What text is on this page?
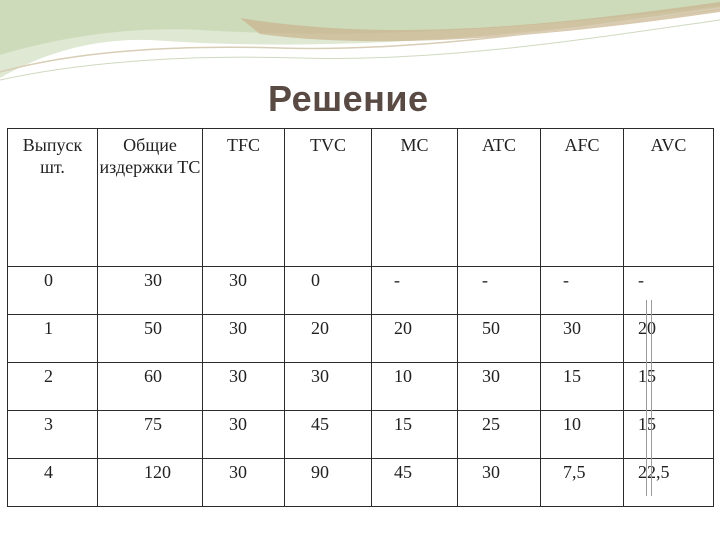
Решение
Выпуск шт.	Общие издержки ТС	TFC	TVC	MC	ATC	AFC	AVC
0	30	30	0	-	-	-	-
1	50	30	20	20	50	30	20
2	60	30	30	10	30	15	15
3	75	30	45	15	25	10	15
4	120	30	90	45	30	7,5	22,5
